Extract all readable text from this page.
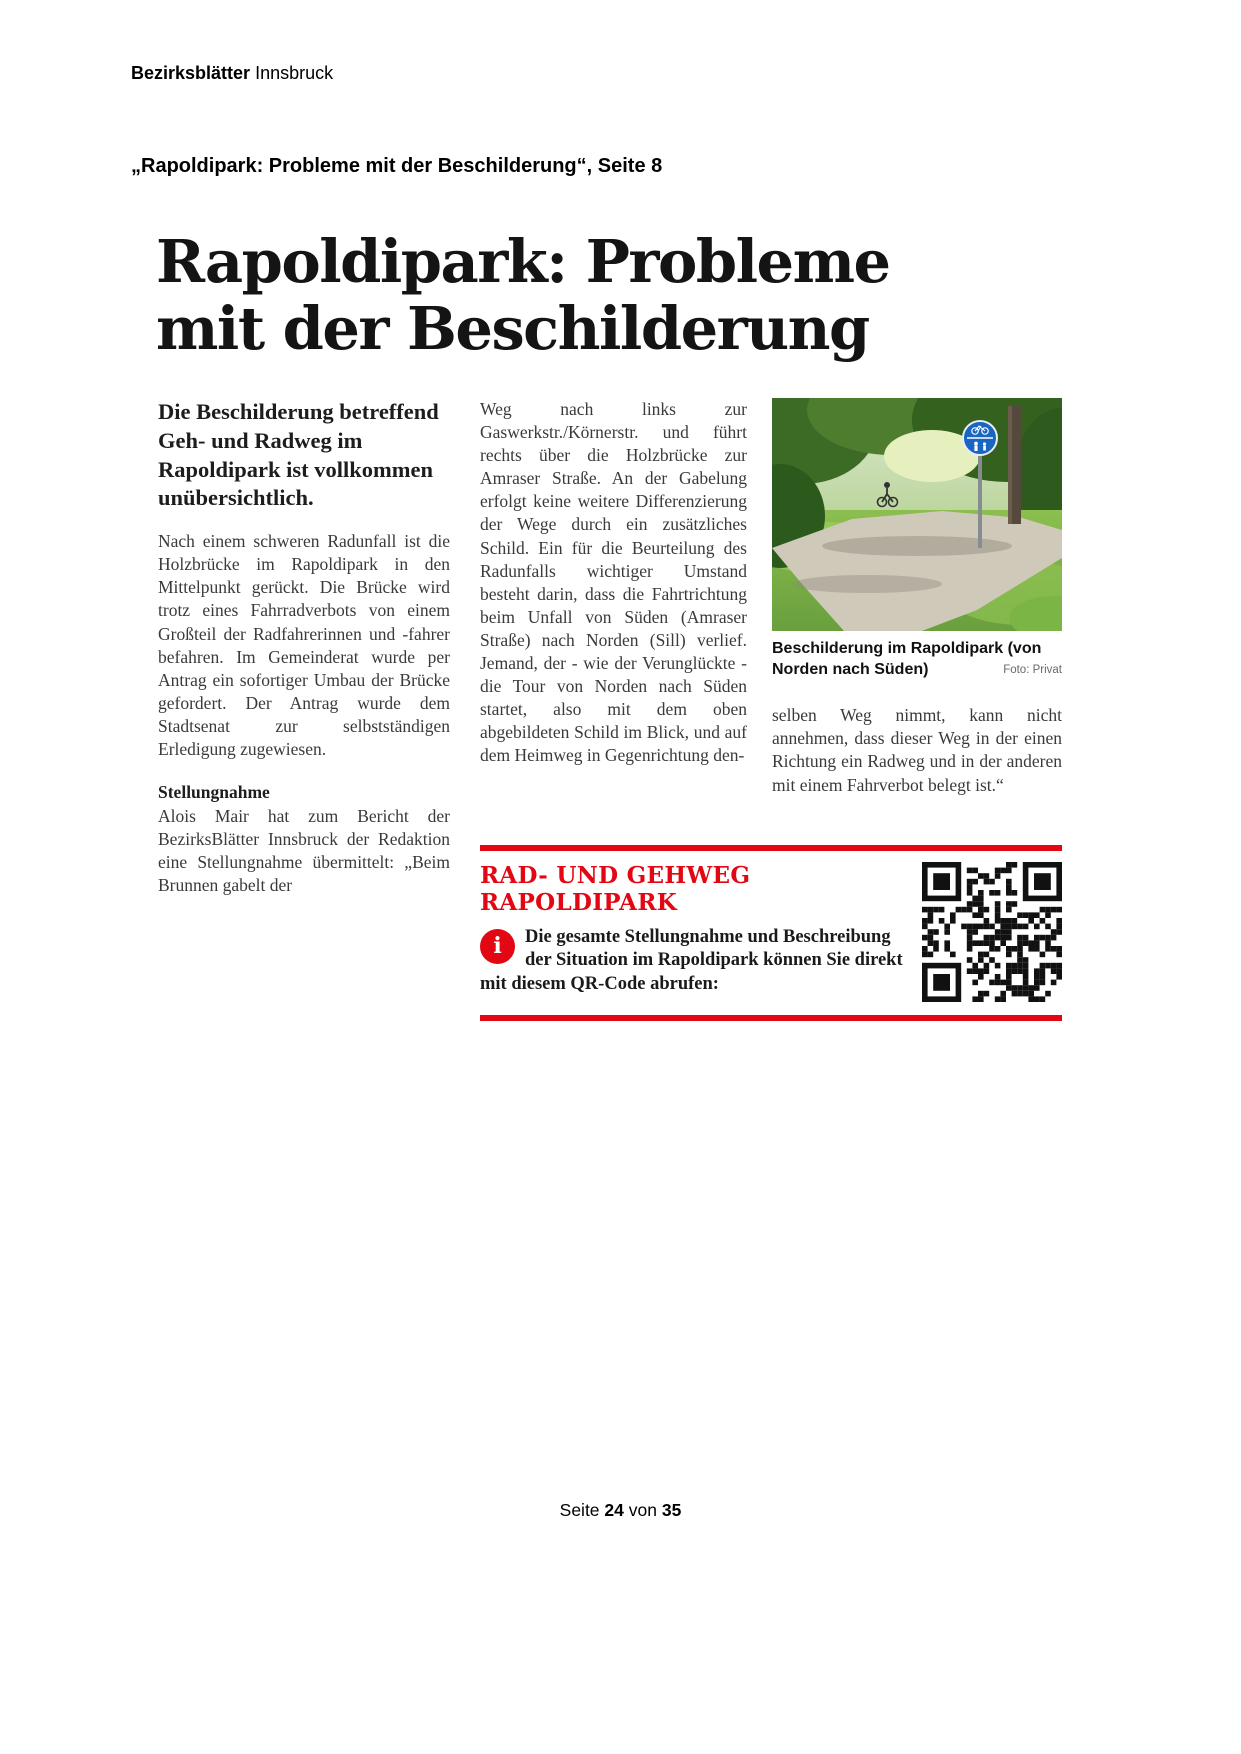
Bezirksblätter Innsbruck
„Rapoldipark: Probleme mit der Beschilderung“, Seite 8
Rapoldipark: Probleme
mit der Beschilderung

Die Beschilderung betreffend Geh- und Radweg im Rapoldipark ist vollkommen unübersichtlich.

Nach einem schweren Radunfall ist die Holzbrücke im Rapoldipark in den Mittelpunkt gerückt. Die Brücke wird trotz eines Fahrradverbots von einem Großteil der Radfahrerinnen und -fahrer befahren. Im Gemeinderat wurde per Antrag ein sofortiger Umbau der Brücke gefordert. Der Antrag wurde dem Stadtsenat zur selbstständigen Erledigung zugewiesen.

Stellungnahme

Alois Mair hat zum Bericht der BezirksBlätter Innsbruck der Redaktion eine Stellungnahme übermittelt: „Beim Brunnen gabelt der

Weg nach links zur Gaswerkstr./Körnerstr. und führt rechts über die Holzbrücke zur Amraser Straße. An der Gabelung erfolgt keine weitere Differenzierung der Wege durch ein zusätzliches Schild. Ein für die Beurteilung des Radunfalls wichtiger Umstand besteht darin, dass die Fahrtrichtung beim Unfall von Süden (Amraser Straße) nach Norden (Sill) verlief. Jemand, der - wie der Verunglückte - die Tour von Norden nach Süden startet, also mit dem oben abgebildeten Schild im Blick, und auf dem Heimweg in Gegenrichtung den-

Beschilderung im Rapoldipark (von Norden nach Süden)	Foto: Privat

selben Weg nimmt, kann nicht annehmen, dass dieser Weg in der einen Richtung ein Radweg und in der anderen mit einem Fahrverbot belegt ist.“

RAD- UND GEHWEG RAPOLDIPARK
i	Die gesamte Stellungnahme und Beschreibung der Situation im Rapoldipark können Sie direkt mit diesem QR-Code abrufen:
Seite 24 von 35
